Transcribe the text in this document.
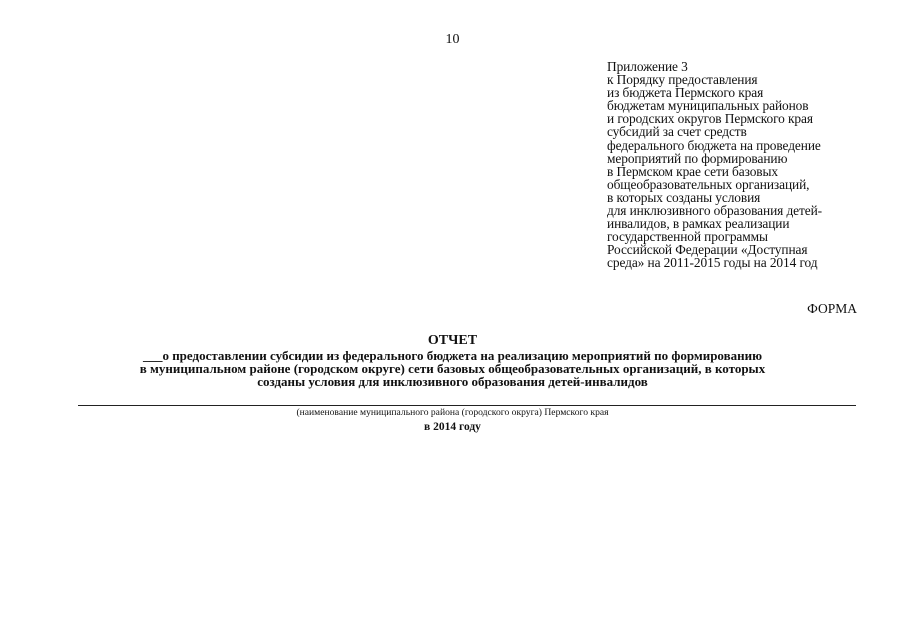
10
Приложение 3
к Порядку предоставления
из бюджета Пермского края
бюджетам муниципальных районов
и городских округов Пермского края
субсидий за счет средств
федерального бюджета на проведение
мероприятий по формированию
в Пермском крае сети базовых
общеобразовательных организаций,
в которых созданы условия
для инклюзивного образования детей-
инвалидов, в рамках реализации
государственной программы
Российской Федерации «Доступная
среда» на 2011-2015 годы на 2014 год
ФОРМА
ОТЧЕТ
___о предоставлении субсидии из федерального бюджета на реализацию мероприятий по формированию
в муниципальном районе (городском округе) сети базовых общеобразовательных организаций, в которых
созданы условия для инклюзивного образования детей-инвалидов
(наименование муниципального района (городского округа) Пермского края
в 2014 году
